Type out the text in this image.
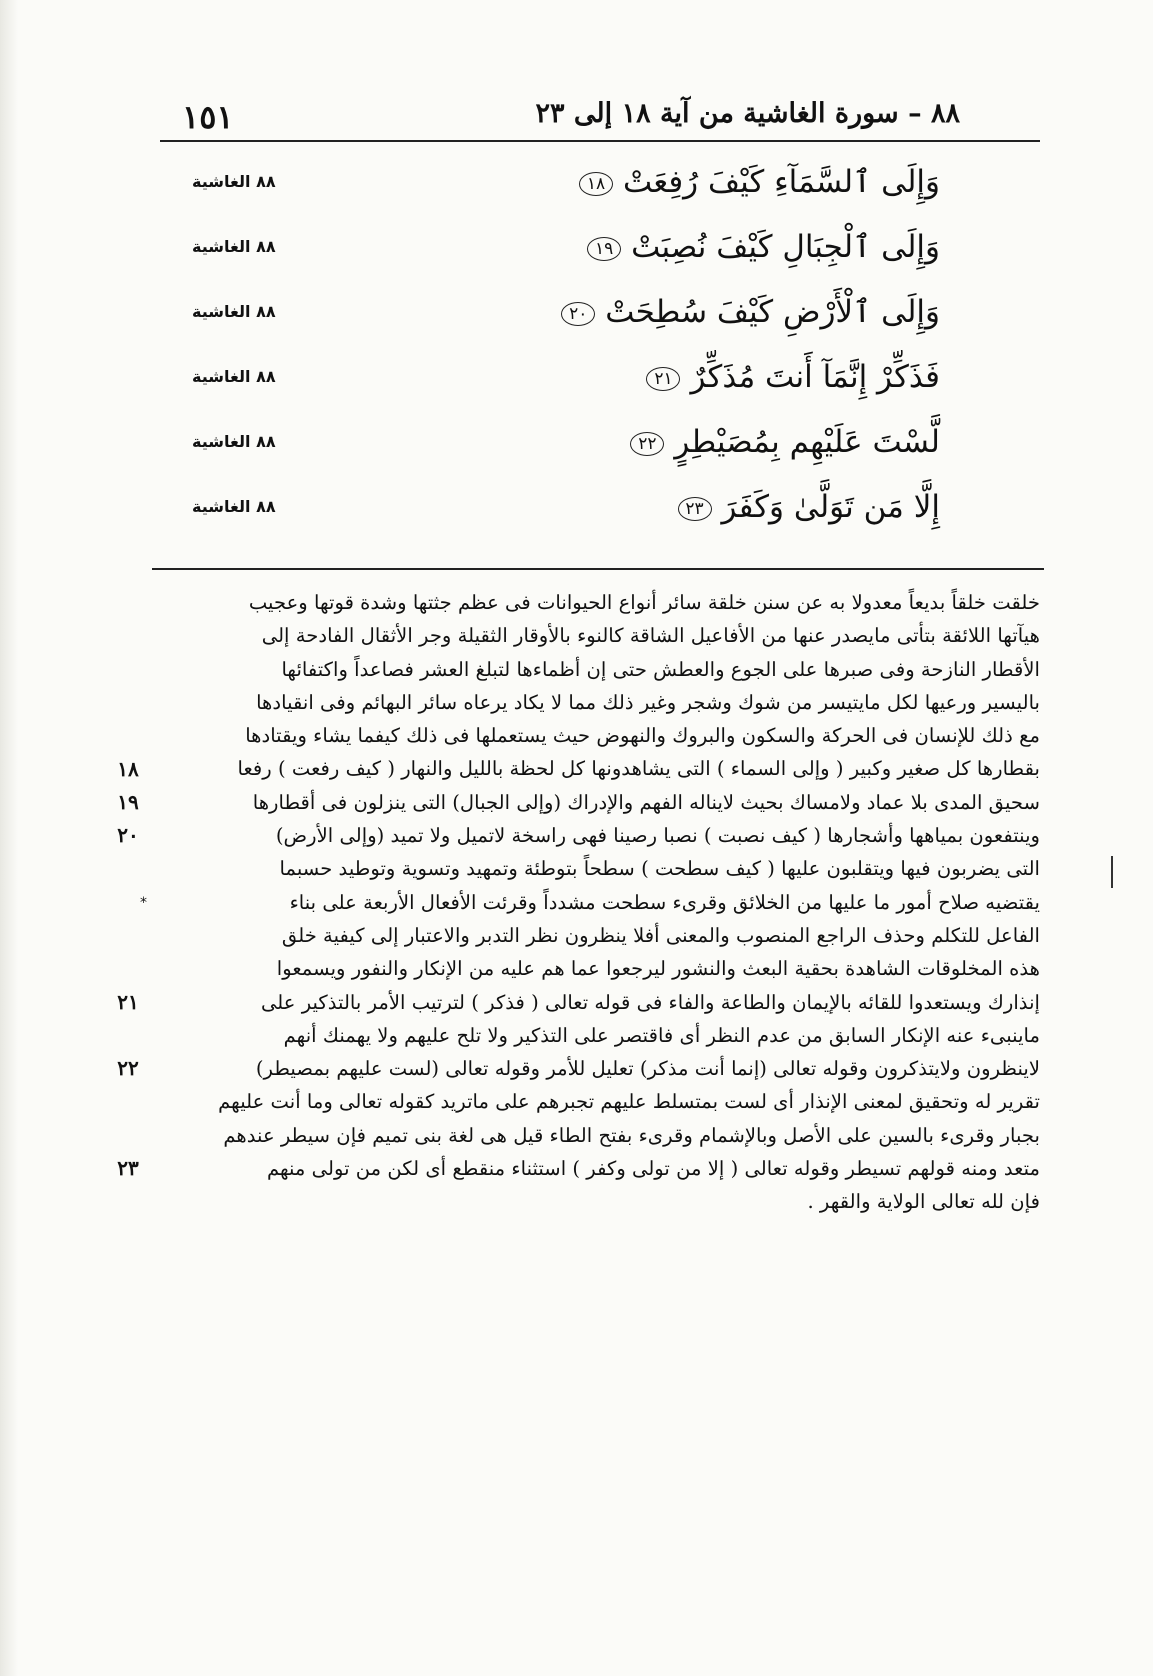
١٥١	٨٨ – سورة الغاشية من آية ١٨ إلى ٢٣
وَإِلَى ٱلسَّمَآءِ كَيْفَ رُفِعَتْ١٨
٨٨ الغاشية
وَإِلَى ٱلْجِبَالِ كَيْفَ نُصِبَتْ١٩
٨٨ الغاشية
وَإِلَى ٱلْأَرْضِ كَيْفَ سُطِحَتْ٢٠
٨٨ الغاشية
فَذَكِّرْ إِنَّمَآ أَنتَ مُذَكِّرٌ٢١
٨٨ الغاشية
لَّسْتَ عَلَيْهِم بِمُصَيْطِرٍ٢٢
٨٨ الغاشية
إِلَّا مَن تَوَلَّىٰ وَكَفَرَ٢٣
٨٨ الغاشية
خلقت خلقاً بديعاً معدولا به عن سنن خلقة سائر أنواع الحيوانات فى عظم جثتها وشدة قوتها وعجيب
هيآتها اللائقة بتأتى مايصدر عنها من الأفاعيل الشاقة كالنوء بالأوقار الثقيلة وجر الأثقال الفادحة إلى
الأقطار النازحة وفى صبرها على الجوع والعطش حتى إن أظماءها لتبلغ العشر فصاعداً واكتفائها
باليسير ورعيها لكل مايتيسر من شوك وشجر وغير ذلك مما لا يكاد يرعاه سائر البهائم وفى انقيادها
مع ذلك للإنسان فى الحركة والسكون والبروك والنهوض حيث يستعملها فى ذلك كيفما يشاء ويقتادها
بقطارها كل صغير وكبير ( وإلى السماء ) التى يشاهدونها كل لحظة بالليل والنهار ( كيف رفعت ) رفعا
سحيق المدى بلا عماد ولامساك بحيث لايناله الفهم والإدراك (وإلى الجبال) التى ينزلون فى أقطارها
وينتفعون بمياهها وأشجارها ( كيف نصبت ) نصبا رصينا فهى راسخة لاتميل ولا تميد (وإلى الأرض)
التى يضربون فيها ويتقلبون عليها ( كيف سطحت ) سطحاً بتوطئة وتمهيد وتسوية وتوطيد حسبما
يقتضيه صلاح أمور ما عليها من الخلائق وقرىء سطحت مشدداً وقرئت الأفعال الأربعة على بناء
الفاعل للتكلم وحذف الراجع المنصوب والمعنى أفلا ينظرون نظر التدبر والاعتبار إلى كيفية خلق
هذه المخلوقات الشاهدة بحقية البعث والنشور ليرجعوا عما هم عليه من الإنكار والنفور ويسمعوا
إنذارك ويستعدوا للقائه بالإيمان والطاعة والفاء فى قوله تعالى ( فذكر ) لترتيب الأمر بالتذكير على
ماينبىء عنه الإنكار السابق من عدم النظر أى فاقتصر على التذكير ولا تلح عليهم ولا يهمنك أنهم
لاينظرون ولايتذكرون وقوله تعالى (إنما أنت مذكر) تعليل للأمر وقوله تعالى (لست عليهم بمصيطر)
تقرير له وتحقيق لمعنى الإنذار أى لست بمتسلط عليهم تجبرهم على ماتريد كقوله تعالى وما أنت عليهم
بجبار وقرىء بالسين على الأصل وبالإشمام وقرىء بفتح الطاء قيل هى لغة بنى تميم فإن سيطر عندهم
متعد ومنه قولهم تسيطر وقوله تعالى ( إلا من تولى وكفر ) استثناء منقطع أى لكن من تولى منهم
فإن لله تعالى الولاية والقهر .
١٨
١٩
٢٠
٢١
٢٢
٢٣
*
